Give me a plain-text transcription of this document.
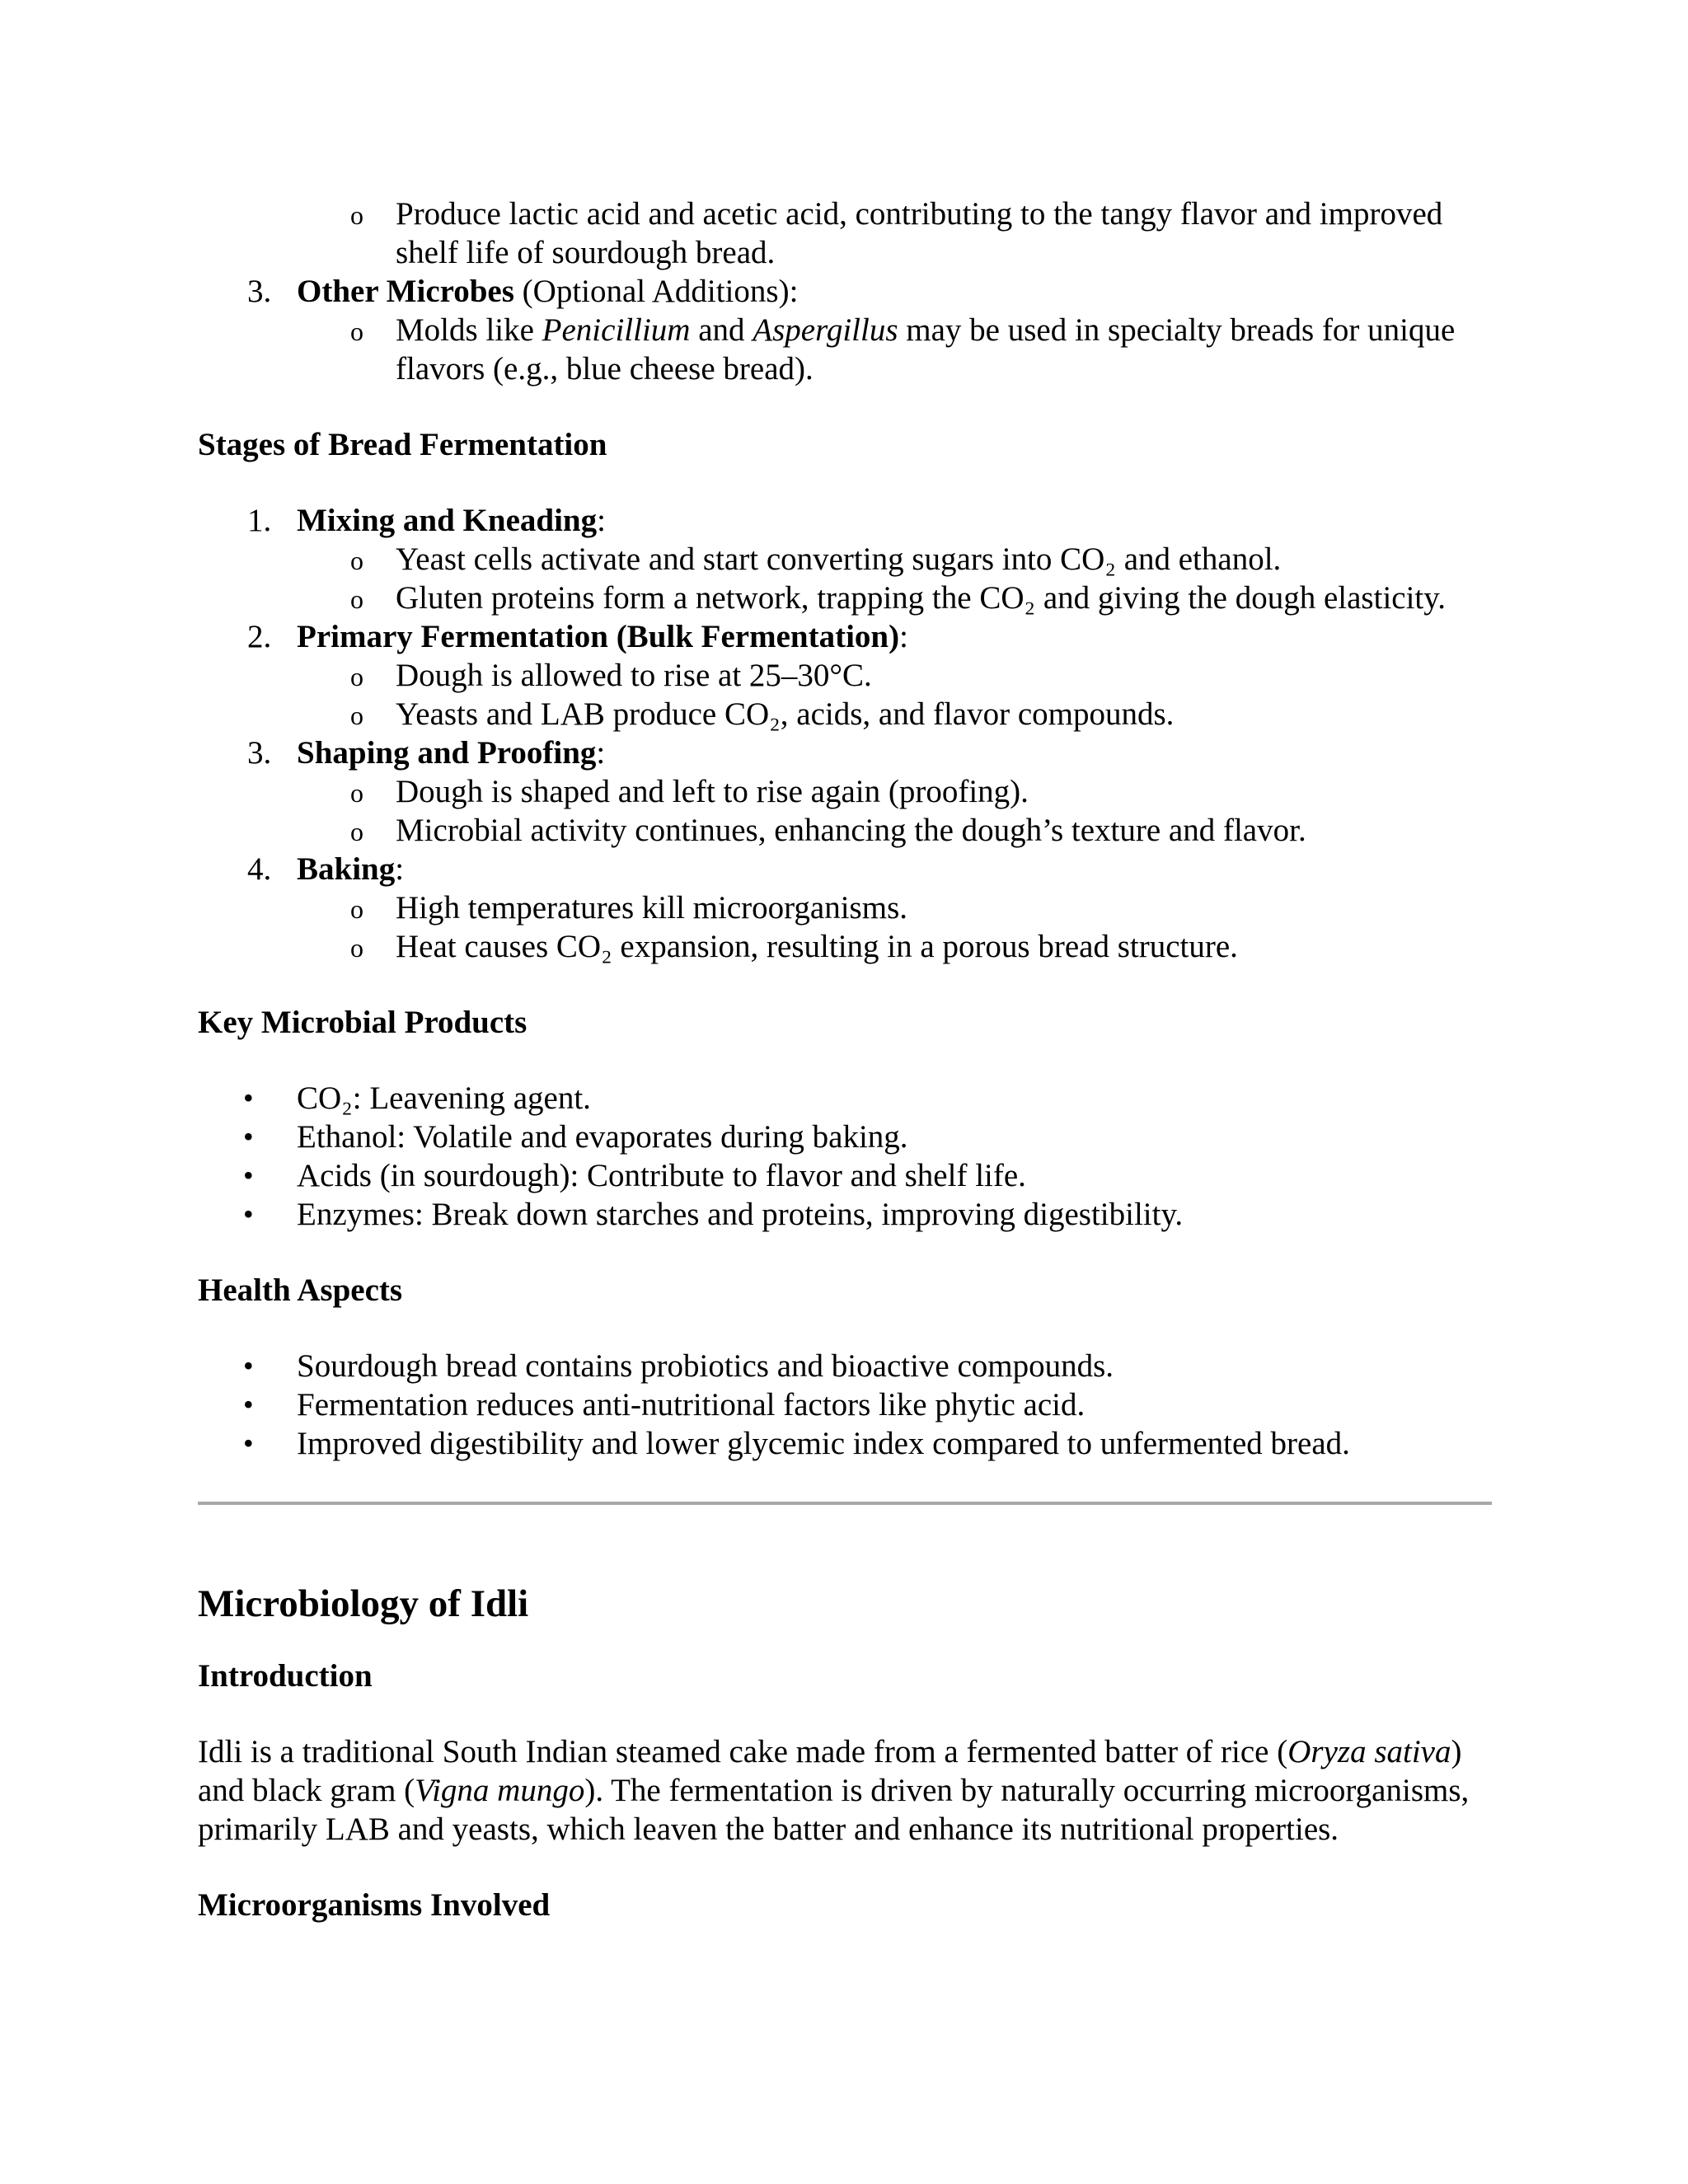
o Produce lactic acid and acetic acid, contributing to the tangy flavor and improved shelf life of sourdough bread.
3. Other Microbes (Optional Additions):
o Molds like Penicillium and Aspergillus may be used in specialty breads for unique flavors (e.g., blue cheese bread).
Stages of Bread Fermentation
1. Mixing and Kneading:
o Yeast cells activate and start converting sugars into CO₂ and ethanol.
o Gluten proteins form a network, trapping the CO₂ and giving the dough elasticity.
2. Primary Fermentation (Bulk Fermentation):
o Dough is allowed to rise at 25–30°C.
o Yeasts and LAB produce CO₂, acids, and flavor compounds.
3. Shaping and Proofing:
o Dough is shaped and left to rise again (proofing).
o Microbial activity continues, enhancing the dough’s texture and flavor.
4. Baking:
o High temperatures kill microorganisms.
o Heat causes CO₂ expansion, resulting in a porous bread structure.
Key Microbial Products
• CO₂: Leavening agent.
• Ethanol: Volatile and evaporates during baking.
• Acids (in sourdough): Contribute to flavor and shelf life.
• Enzymes: Break down starches and proteins, improving digestibility.
Health Aspects
• Sourdough bread contains probiotics and bioactive compounds.
• Fermentation reduces anti-nutritional factors like phytic acid.
• Improved digestibility and lower glycemic index compared to unfermented bread.
Microbiology of Idli
Introduction

Idli is a traditional South Indian steamed cake made from a fermented batter of rice (Oryza sativa) and black gram (Vigna mungo). The fermentation is driven by naturally occurring microorganisms, primarily LAB and yeasts, which leaven the batter and enhance its nutritional properties.

Microorganisms Involved
